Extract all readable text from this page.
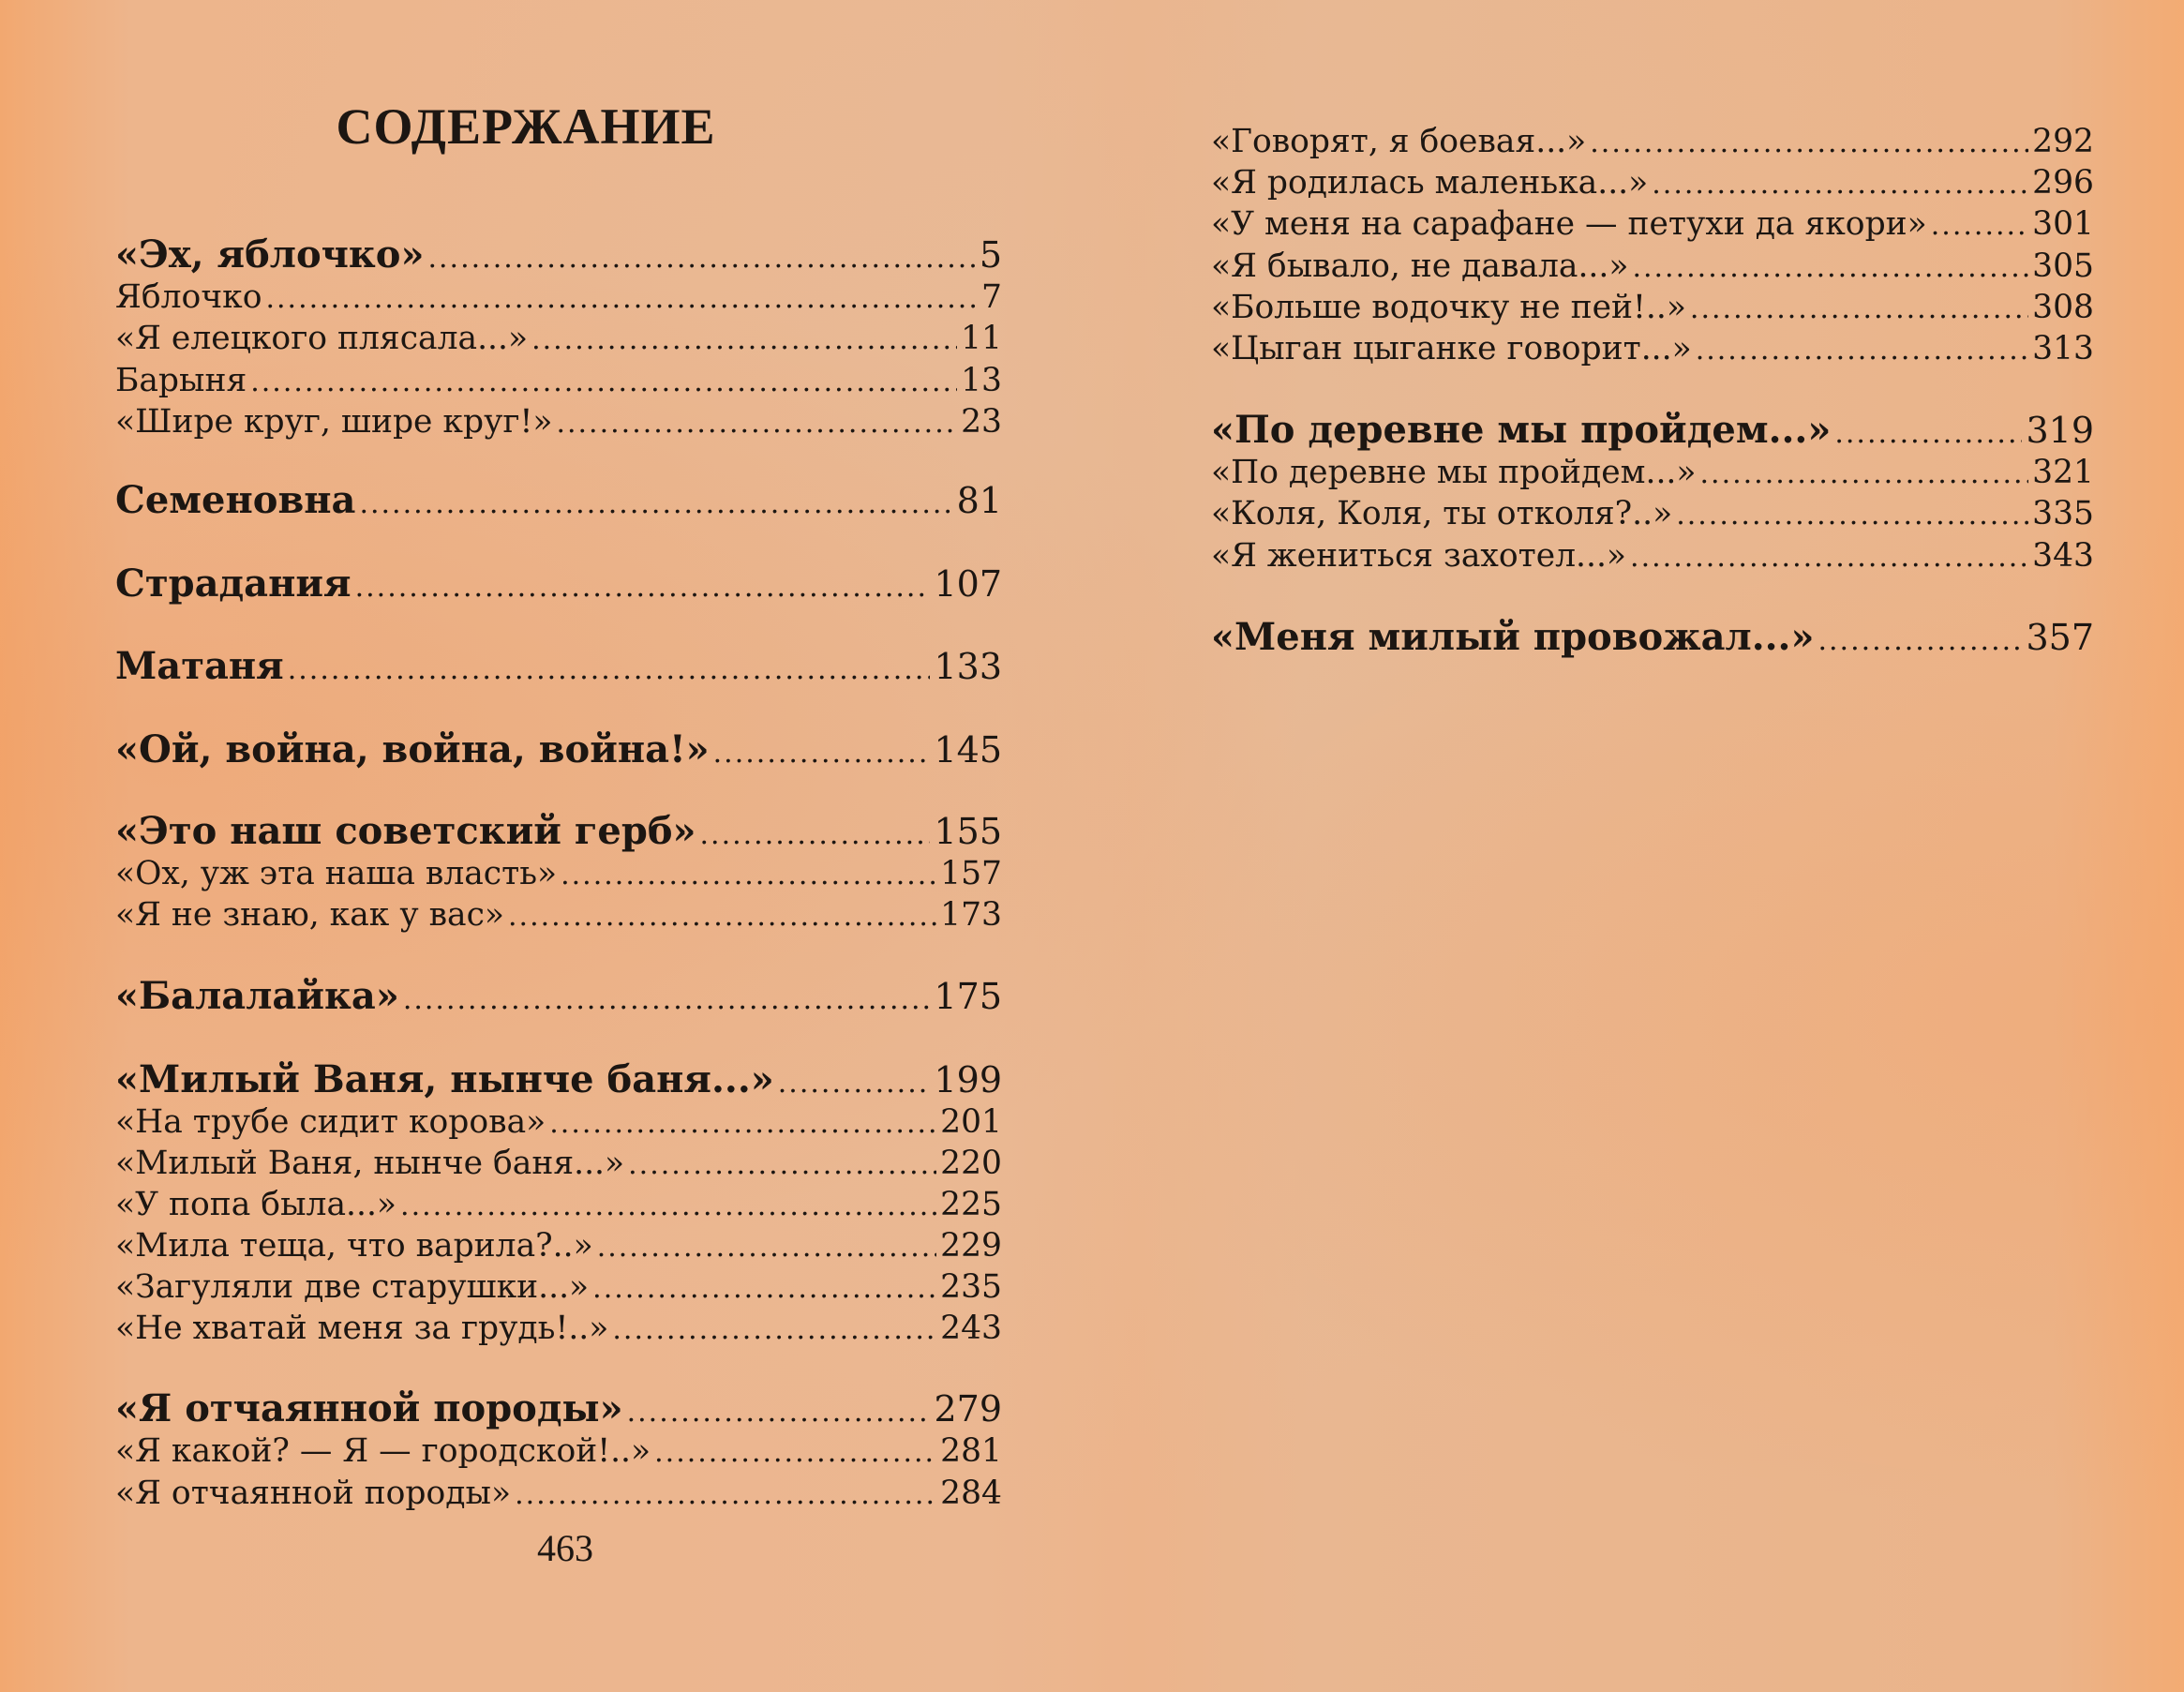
СОДЕРЖАНИЕ
«Эх, яблочко» .....	5
Яблочко .....	7
«Я елецкого плясала...» .....	11
Барыня .....	13
«Шире круг, шире круг!» .....	23
Семеновна .....	81
Страдания .....	107
Матаня .....	133
«Ой, война, война, война!» .....	145
«Это наш советский герб» .....	155
«Ох, уж эта наша власть» .....	157
«Я не знаю, как у вас» .....	173
«Балалайка» .....	175
«Милый Ваня, нынче баня...» .....	199
«На трубе сидит корова» .....	201
«Милый Ваня, нынче баня...» .....	220
«У попа была...» .....	225
«Мила теща, что варила?..» .....	229
«Загуляли две старушки...» .....	235
«Не хватай меня за грудь!..» .....	243
«Я отчаянной породы» .....	279
«Я какой? — Я — городской!..» .....	281
«Я отчаянной породы» .....	284
463
«Говорят, я боевая...» .....	292
«Я родилась маленька...» .....	296
«У меня на сарафане — петухи да якори» .....	301
«Я бывало, не давала...» .....	305
«Больше водочку не пей!..» .....	308
«Цыган цыганке говорит...» .....	313
«По деревне мы пройдем...» .....	319
«По деревне мы пройдем...» .....	321
«Коля, Коля, ты отколя?..» .....	335
«Я жениться захотел...» .....	343
«Меня милый провожал...» .....	357
